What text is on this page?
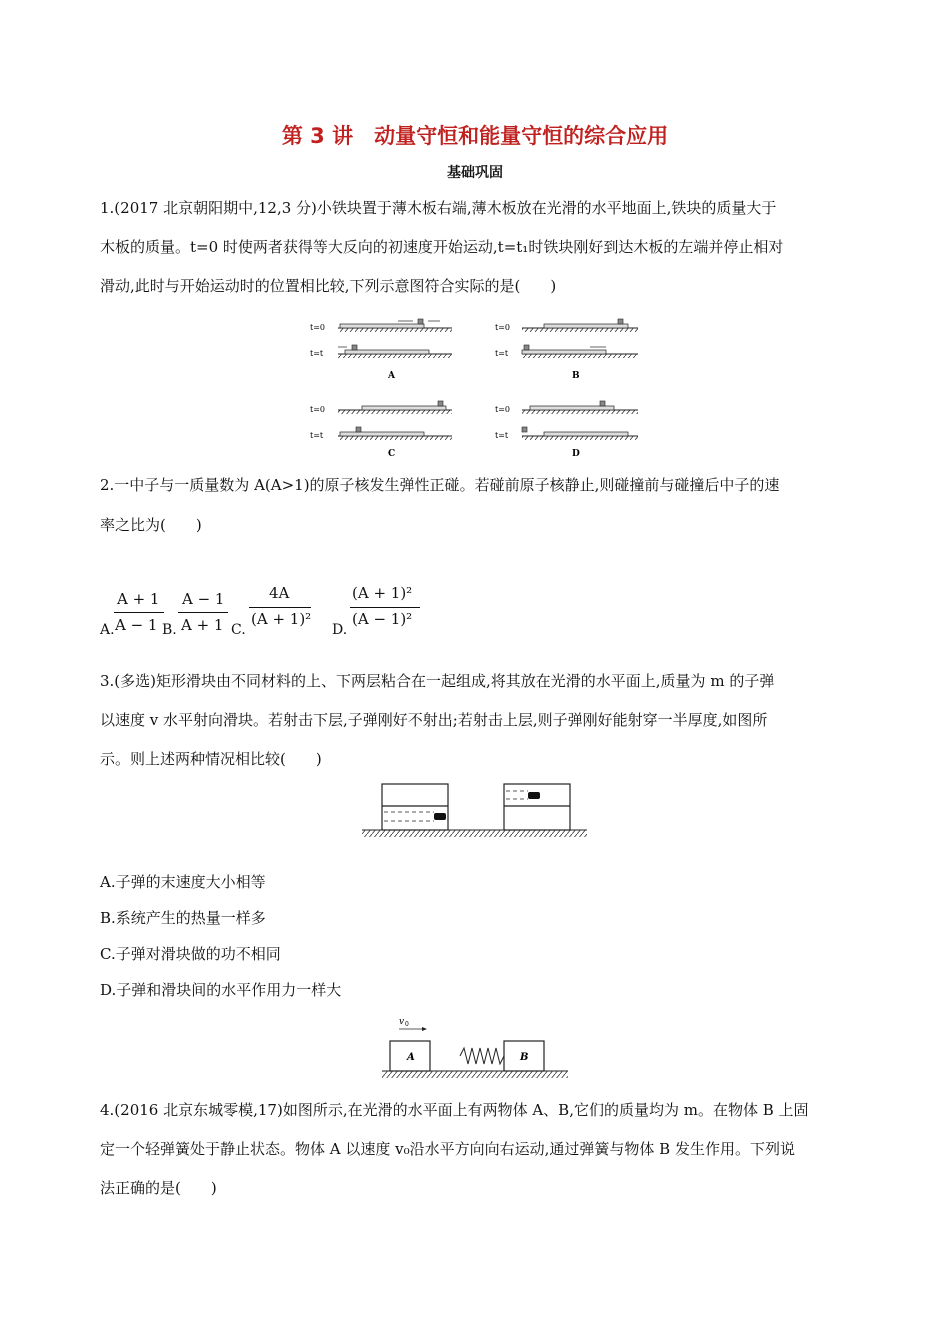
第 3 讲　动量守恒和能量守恒的综合应用
基础巩固
1.(2017 北京朝阳期中,12,3 分)小铁块置于薄木板右端,薄木板放在光滑的水平地面上,铁块的质量大于
木板的质量。t=0 时使两者获得等大反向的初速度开始运动,t=t₁时铁块刚好到达木板的左端并停止相对
滑动,此时与开始运动时的位置相比较,下列示意图符合实际的是(　　)
t=0
t=t
A
t=0
t=t
B
t=0
t=t
C
t=0
t=t
D
2.一中子与一质量数为 A(A>1)的原子核发生弹性正碰。若碰前原子核静止,则碰撞前与碰撞后中子的速
率之比为(　　)
A.
A + 1
A − 1 B.
A − 1
A + 1 C.
4A
(A + 1)²
D.
(A + 1)²
(A − 1)²
3.(多选)矩形滑块由不同材料的上、下两层粘合在一起组成,将其放在光滑的水平面上,质量为 m 的子弹
以速度 v 水平射向滑块。若射击下层,子弹刚好不射出;若射击上层,则子弹刚好能射穿一半厚度,如图所
示。则上述两种情况相比较(　　)
A.子弹的末速度大小相等
B.系统产生的热量一样多
C.子弹对滑块做的功不相同
D.子弹和滑块间的水平作用力一样大
v 0
A	B
4.(2016 北京东城零模,17)如图所示,在光滑的水平面上有两物体 A、B,它们的质量均为 m。在物体 B 上固
定一个轻弹簧处于静止状态。物体 A 以速度 v₀沿水平方向向右运动,通过弹簧与物体 B 发生作用。下列说
法正确的是(　　)
